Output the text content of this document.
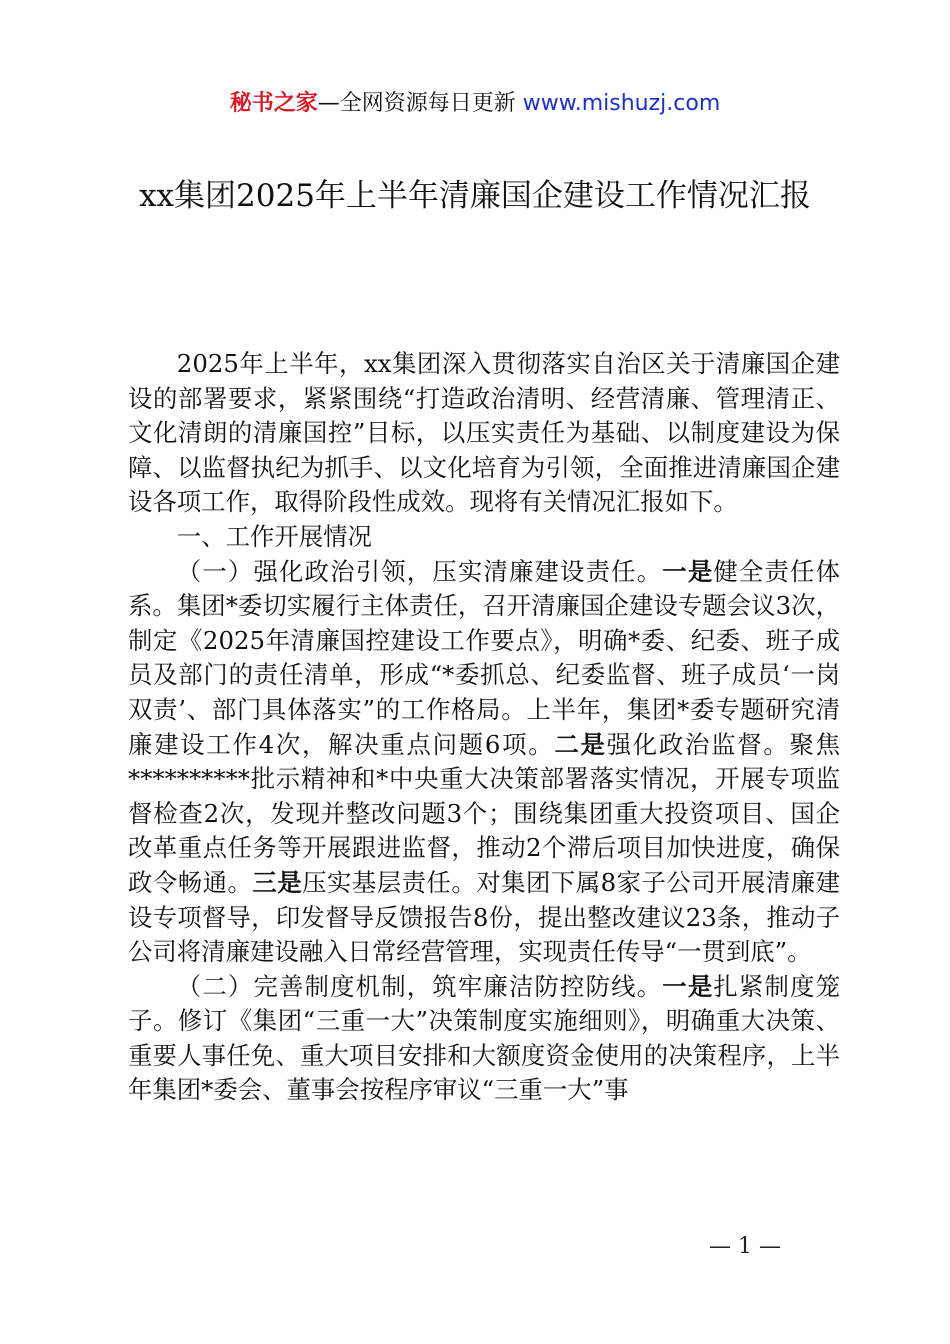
秘书之家—全网资源每日更新 www.mishuzj.com
xx集团2025年上半年清廉国企建设工作情况汇报

2025年上半年，xx集团深入贯彻落实自治区关于清廉国企建设的部署要求，紧紧围绕“打造政治清明、经营清廉、管理清正、文化清朗的清廉国控”目标，以压实责任为基础、以制度建设为保障、以监督执纪为抓手、以文化培育为引领，全面推进清廉国企建设各项工作，取得阶段性成效。现将有关情况汇报如下。

一、工作开展情况

（一）强化政治引领，压实清廉建设责任。一是健全责任体系。集团*委切实履行主体责任，召开清廉国企建设专题会议3次，制定《2025年清廉国控建设工作要点》，明确*委、纪委、班子成员及部门的责任清单，形成“*委抓总、纪委监督、班子成员‘一岗双责’、部门具体落实”的工作格局。上半年，集团*委专题研究清廉建设工作4次，解决重点问题6项。二是强化政治监督。聚焦**********批示精神和*中央重大决策部署落实情况，开展专项监督检查2次，发现并整改问题3个；围绕集团重大投资项目、国企改革重点任务等开展跟进监督，推动2个滞后项目加快进度，确保政令畅通。三是压实基层责任。对集团下属8家子公司开展清廉建设专项督导，印发督导反馈报告8份，提出整改建议23条，推动子公司将清廉建设融入日常经营管理，实现责任传导“一贯到底”。

（二）完善制度机制，筑牢廉洁防控防线。一是扎紧制度笼子。修订《集团“三重一大”决策制度实施细则》，明确重大决策、重要人事任免、重大项目安排和大额度资金使用的决策程序，上半年集团*委会、董事会按程序审议“三重一大”事

— 1 —
